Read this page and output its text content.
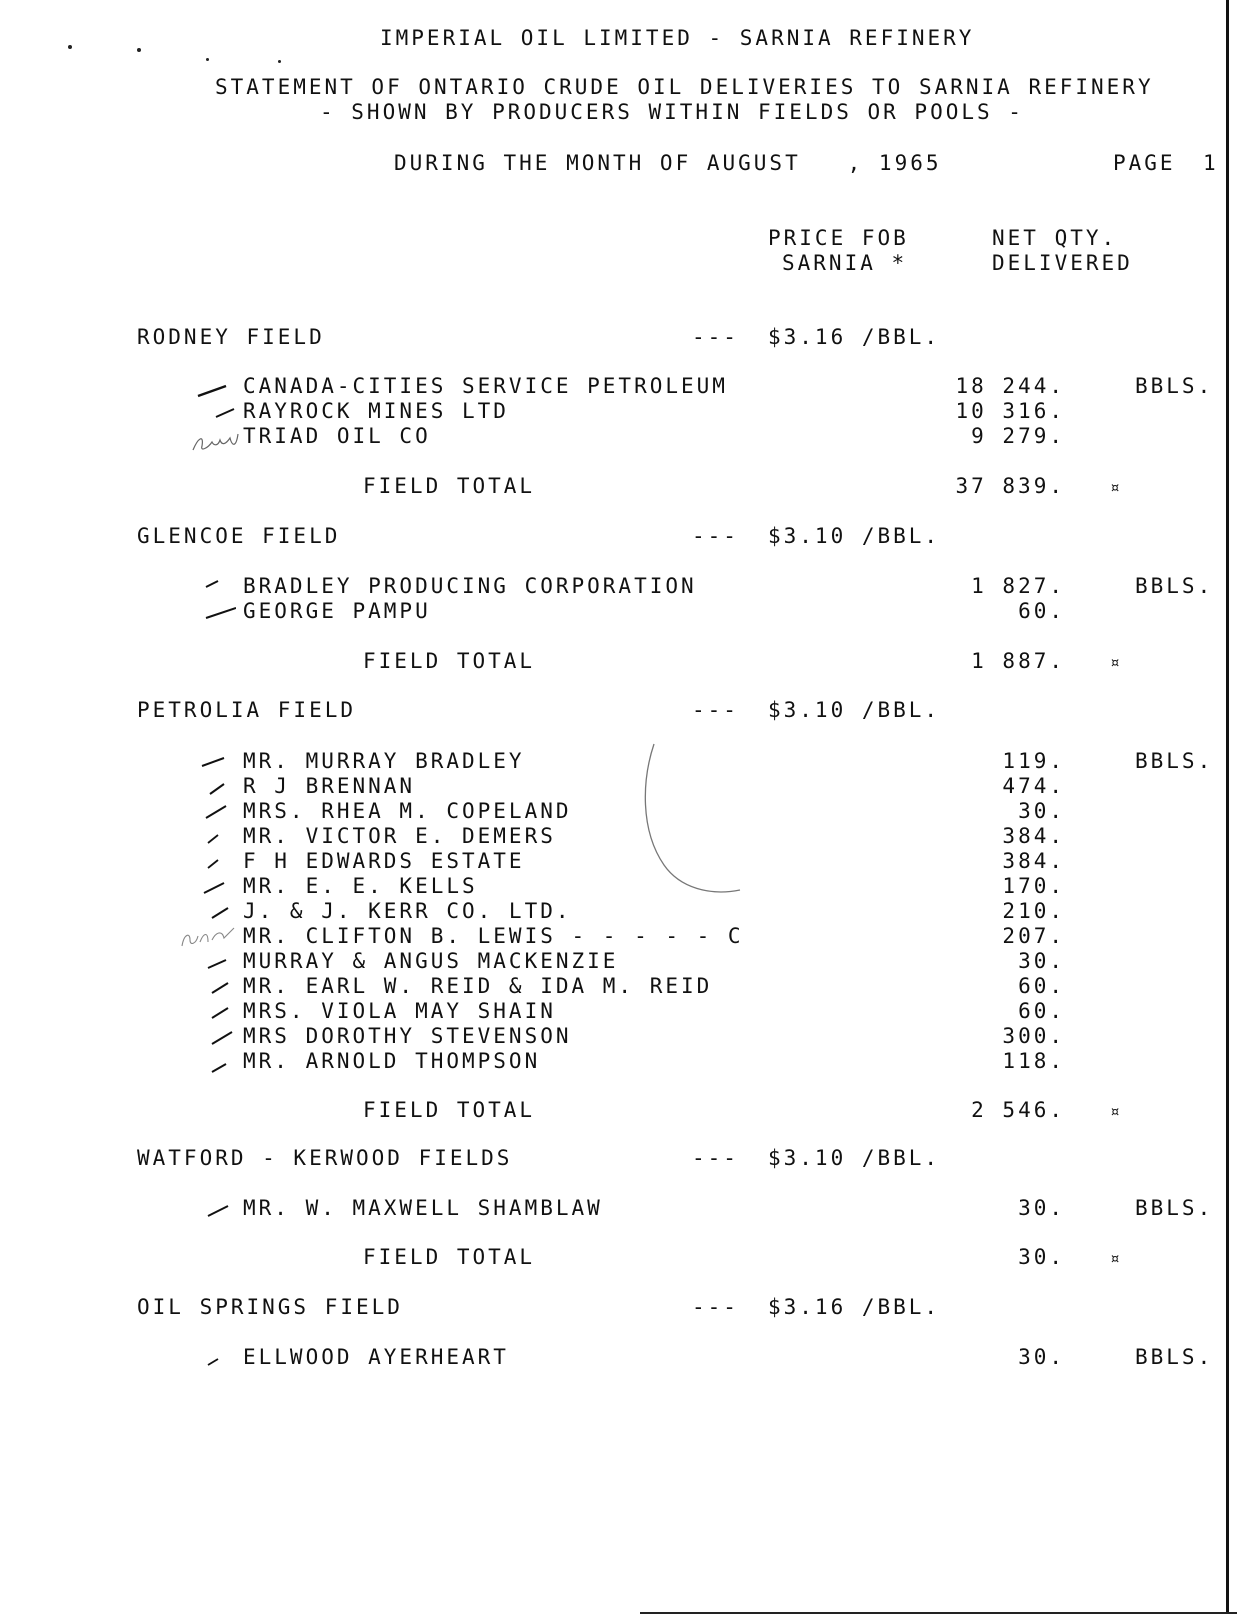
IMPERIAL OIL LIMITED - SARNIA REFINERY
STATEMENT OF ONTARIO CRUDE OIL DELIVERIES TO SARNIA REFINERY
- SHOWN BY PRODUCERS WITHIN FIELDS OR POOLS -
DURING THE MONTH OF AUGUST   , 1965	PAGE 1
PRICE FOB
SARNIA *
NET QTY.
DELIVERED
RODNEY FIELD	--- $3.16 /BBL.
CANADA-CITIES SERVICE PETROLEUM	18 244.	BBLS.
RAYROCK MINES LTD	10 316.
TRIAD OIL CO	9 279.
FIELD TOTAL	37 839.	¤
GLENCOE FIELD	--- $3.10 /BBL.
BRADLEY PRODUCING CORPORATION	1 827.	BBLS.
GEORGE PAMPU	60.
FIELD TOTAL	1 887.	¤
PETROLIA FIELD	--- $3.10 /BBL.
MR. MURRAY BRADLEY	119.	BBLS.
R J BRENNAN	474.
MRS. RHEA M. COPELAND	30.
MR. VICTOR E. DEMERS	384.
F H EDWARDS ESTATE	384.
MR. E. E. KELLS	170.
J. & J. KERR CO. LTD.	210.
MR. CLIFTON B. LEWIS - - - - - C	207.
MURRAY & ANGUS MACKENZIE	30.
MR. EARL W. REID & IDA M. REID	60.
MRS. VIOLA MAY SHAIN	60.
MRS DOROTHY STEVENSON	300.
MR. ARNOLD THOMPSON	118.
FIELD TOTAL	2 546.	¤
WATFORD - KERWOOD FIELDS	--- $3.10 /BBL.
MR. W. MAXWELL SHAMBLAW	30.	BBLS.
FIELD TOTAL	30.	¤
OIL SPRINGS FIELD	--- $3.16 /BBL.
ELLWOOD AYERHEART	30.	BBLS.
